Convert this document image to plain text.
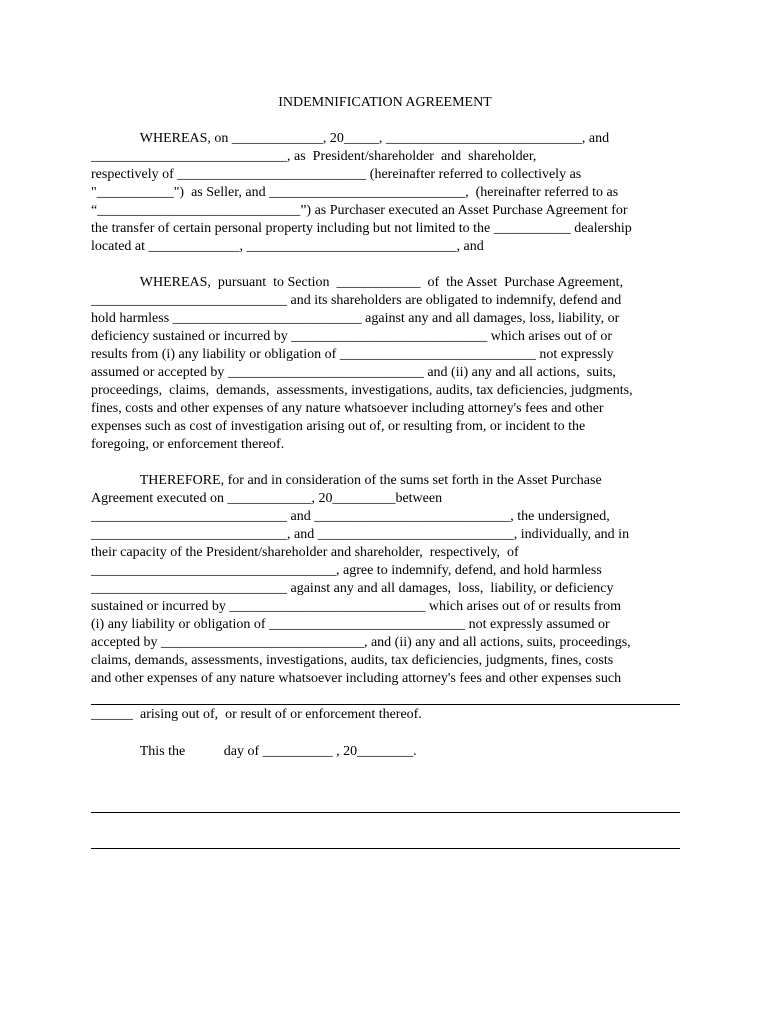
INDEMNIFICATION AGREEMENT
WHEREAS, on _____________, 20_____, ____________________________, and
____________________________, as  President/shareholder  and  shareholder,
respectively of ___________________________ (hereinafter referred to collectively as
"___________")  as Seller, and ____________________________,  (hereinafter referred to as
“_____________________________”) as Purchaser executed an Asset Purchase Agreement for
the transfer of certain personal property including but not limited to the ___________ dealership
located at _____________, ______________________________, and
WHEREAS,  pursuant  to Section  ____________  of  the Asset  Purchase Agreement,
____________________________ and its shareholders are obligated to indemnify, defend and
hold harmless ___________________________ against any and all damages, loss, liability, or
deficiency sustained or incurred by ____________________________ which arises out of or
results from (i) any liability or obligation of ____________________________ not expressly
assumed or accepted by ____________________________ and (ii) any and all actions,  suits,
proceedings,  claims,  demands,  assessments, investigations, audits, tax deficiencies, judgments,
fines, costs and other expenses of any nature whatsoever including attorney's fees and other
expenses such as cost of investigation arising out of, or resulting from, or incident to the
foregoing, or enforcement thereof.
THEREFORE, for and in consideration of the sums set forth in the Asset Purchase
Agreement executed on ____________, 20_________between
____________________________ and ____________________________, the undersigned,
____________________________, and ____________________________, individually, and in
their capacity of the President/shareholder and shareholder,  respectively,  of
___________________________________, agree to indemnify, defend, and hold harmless
____________________________ against any and all damages,  loss,  liability, or deficiency
sustained or incurred by ____________________________ which arises out of or results from
(i) any liability or obligation of ____________________________ not expressly assumed or
accepted by _____________________________, and (ii) any and all actions, suits, proceedings,
claims, demands, assessments, investigations, audits, tax deficiencies, judgments, fines, costs
and other expenses of any nature whatsoever including attorney's fees and other expenses such
______  arising out of,  or result of or enforcement thereof.
This the           day of __________ , 20________.
